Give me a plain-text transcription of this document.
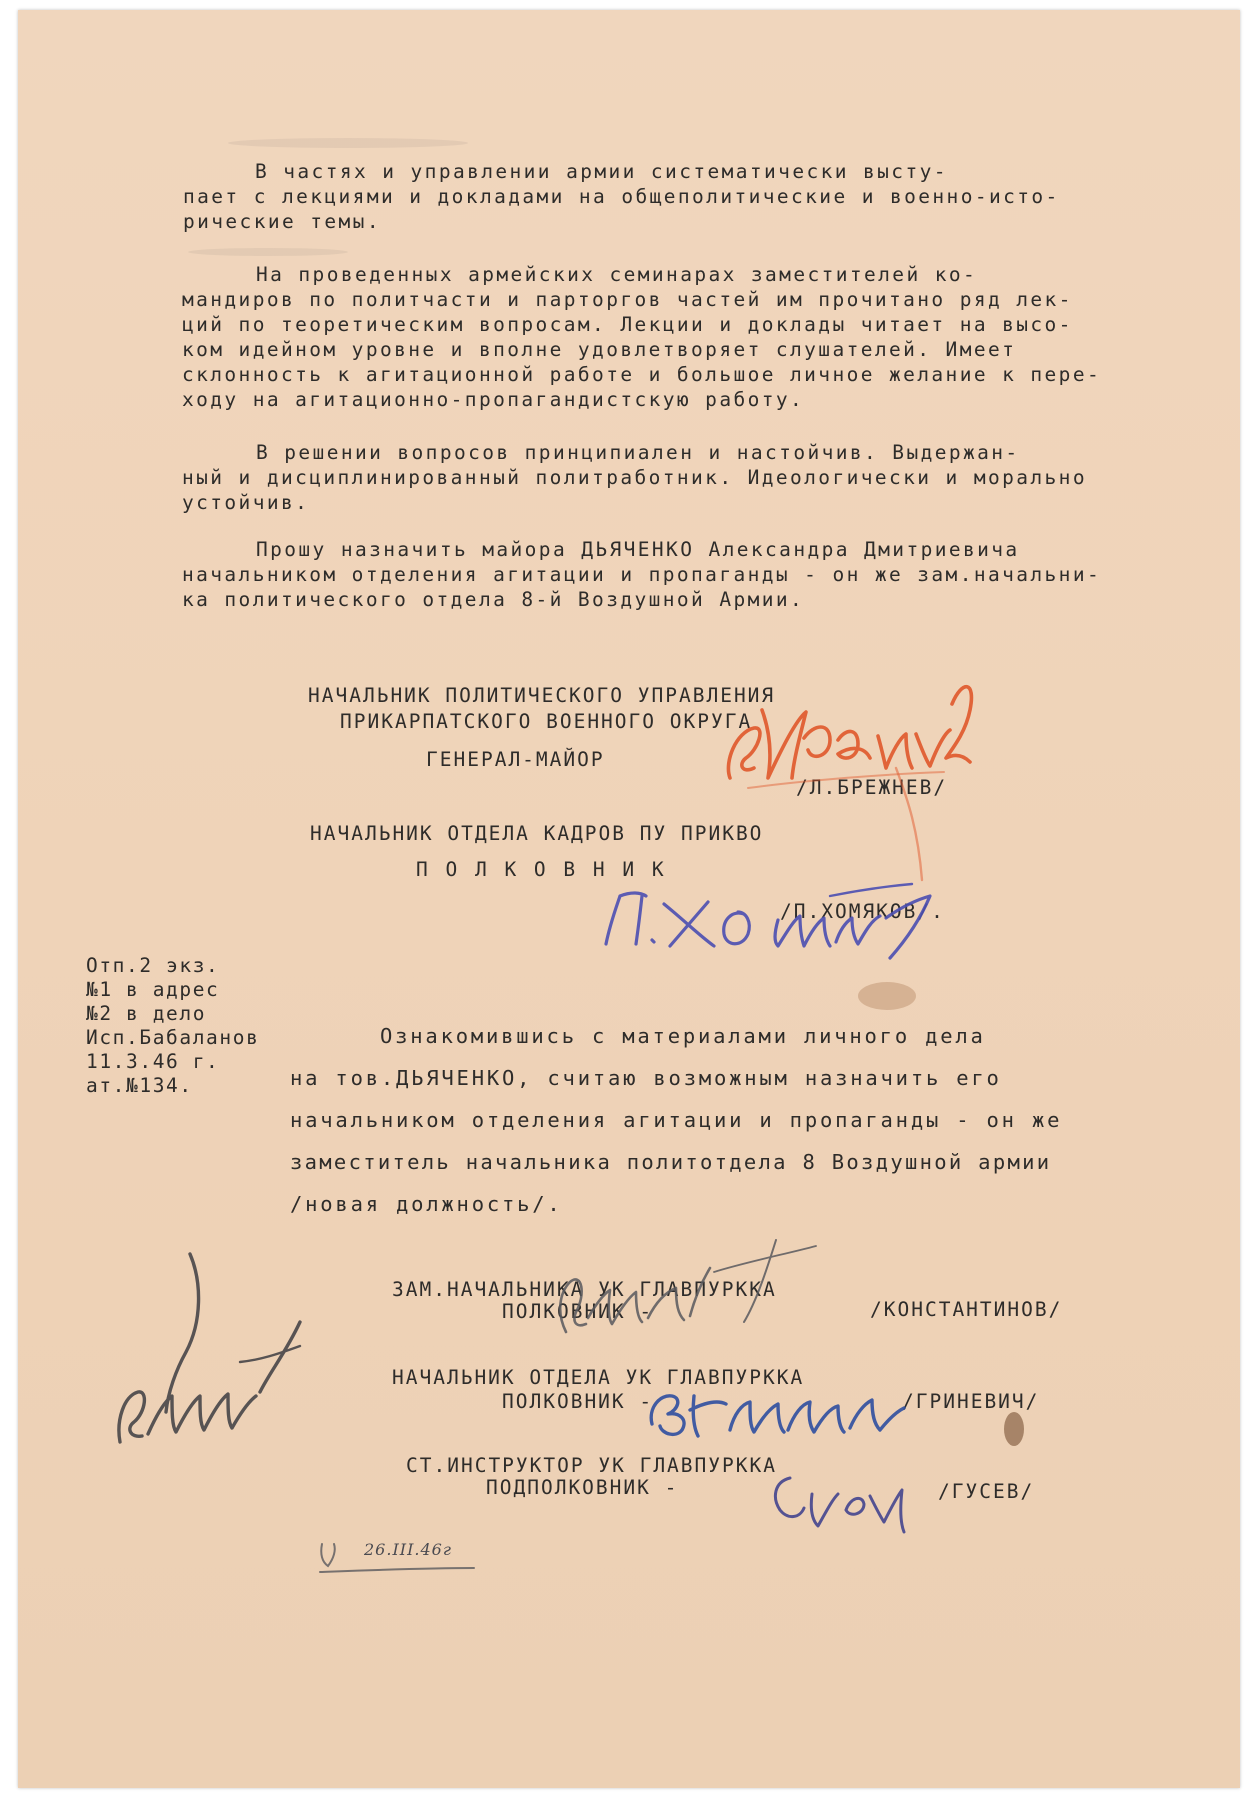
В частях и управлении армии систематически высту-
пает с лекциями и докладами на общеполитические и военно-исто-
рические темы.
На проведенных армейских семинарах заместителей ко-
мандиров по политчасти и парторгов частей им прочитано ряд лек-
ций по теоретическим вопросам. Лекции и доклады читает на высо-
ком идейном уровне и вполне удовлетворяет слушателей. Имеет
склонность к агитационной работе и большое личное желание к пере-
ходу на агитационно-пропагандистскую работу.
В решении вопросов принципиален и настойчив. Выдержан-
ный и дисциплинированный политработник. Идеологически и морально
устойчив.
Прошу назначить майора ДЬЯЧЕНКО Александра Дмитриевича
начальником отделения агитации и пропаганды - он же зам.начальни-
ка политического отдела 8-й Воздушной Армии.
НАЧАЛЬНИК ПОЛИТИЧЕСКОГО УПРАВЛЕНИЯ
ПРИКАРПАТСКОГО ВОЕННОГО ОКРУГА
ГЕНЕРАЛ-МАЙОР
/Л.БРЕЖНЕВ/
НАЧАЛЬНИК ОТДЕЛА КАДРОВ ПУ ПРИКВО
П О Л К О В Н И К
/П.ХОМЯКОВ/.
Отп.2 экз.
№1 в адрес
№2 в дело
Исп.Бабаланов
11.3.46 г.
ат.№134.
Ознакомившись с материалами личного дела
на тов.ДЬЯЧЕНКО, считаю возможным назначить его
начальником отделения агитации и пропаганды - он же
заместитель начальника политотдела 8 Воздушной армии
/новая должность/.
ЗАМ.НАЧАЛЬНИКА УК ГЛАВПУРККА
ПОЛКОВНИК -	/КОНСТАНТИНОВ/
НАЧАЛЬНИК ОТДЕЛА УК ГЛАВПУРККА
ПОЛКОВНИК -	/ГРИНЕВИЧ/
СТ.ИНСТРУКТОР УК ГЛАВПУРККА
ПОДПОЛКОВНИК -	/ГУСЕВ/
26.III.46г
